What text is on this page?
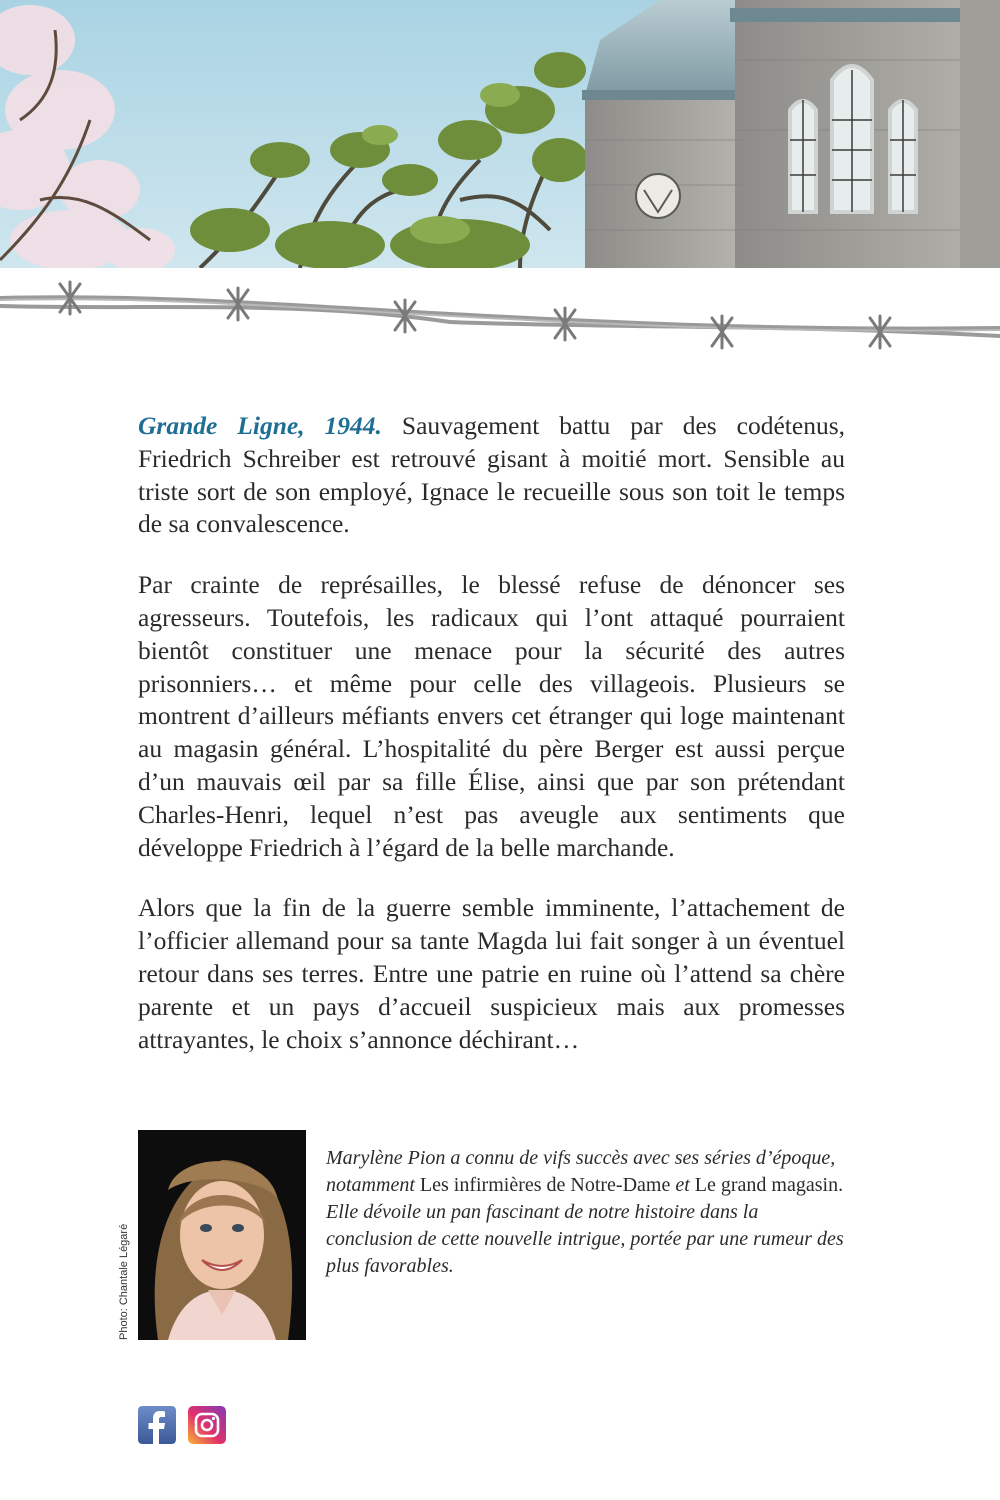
Grande Ligne, 1944. Sauvagement battu par des codétenus, Friedrich Schreiber est retrouvé gisant à moitié mort. Sensible au triste sort de son employé, Ignace le recueille sous son toit le temps de sa convalescence.

Par crainte de représailles, le blessé refuse de dénoncer ses agresseurs. Toutefois, les radicaux qui l’ont attaqué pourraient bientôt constituer une menace pour la sécurité des autres prisonniers… et même pour celle des villageois. Plusieurs se montrent d’ailleurs méfiants envers cet étranger qui loge maintenant au magasin général. L’hospitalité du père Berger est aussi perçue d’un mauvais œil par sa fille Élise, ainsi que par son prétendant Charles-Henri, lequel n’est pas aveugle aux sentiments que développe Friedrich à l’égard de la belle marchande.

Alors que la fin de la guerre semble imminente, l’attachement de l’officier allemand pour sa tante Magda lui fait songer à un éventuel retour dans ses terres. Entre une patrie en ruine où l’attend sa chère parente et un pays d’accueil suspicieux mais aux promesses attrayantes, le choix s’annonce déchirant…

Photo: Chantale Légaré
Marylène Pion a connu de vifs succès avec ses séries d’époque, notamment Les infirmières de Notre-Dame et Le grand magasin. Elle dévoile un pan fascinant de notre histoire dans la conclusion de cette nouvelle intrigue, portée par une rumeur des plus favorables.
